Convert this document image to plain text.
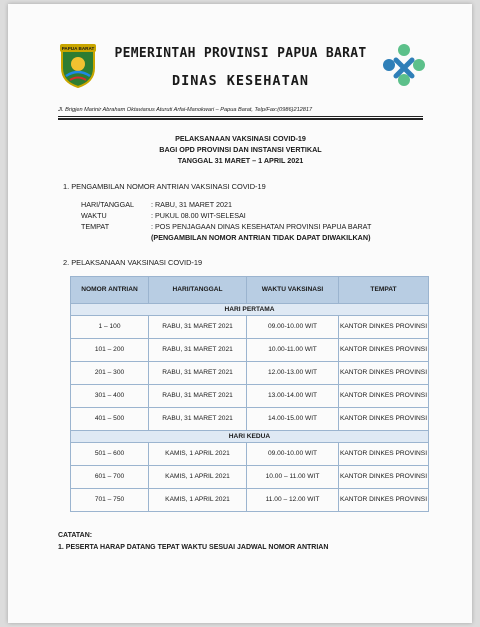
PAPUA BARAT	PEMERINTAH PROVINSI PAPUA BARAT
DINAS KESEHATAN
Jl. Brigjen Marinir Abraham Oktavianus Aturuti Arfai-Manokwari – Papua Barat, Telp/Fax:(0986)212817
PELAKSANAAN VAKSINASI COVID-19
BAGI OPD PROVINSI DAN INSTANSI VERTIKAL
TANGGAL 31 MARET – 1 APRIL 2021
1. PENGAMBILAN NOMOR ANTRIAN VAKSINASI COVID-19
HARI/TANGGAL : RABU, 31 MARET 2021
WAKTU	: PUKUL 08.00 WIT-SELESAI
TEMPAT	: POS PENJAGAAN DINAS KESEHATAN PROVINSI PAPUA BARAT
(PENGAMBILAN NOMOR ANTRIAN TIDAK DAPAT DIWAKILKAN)
2. PELAKSANAAN VAKSINASI COVID-19
NOMOR ANTRIAN	HARI/TANGGAL	WAKTU VAKSINASI	TEMPAT
HARI PERTAMA			
1 – 100	RABU, 31 MARET 2021	09.00-10.00 WIT	KANTOR DINKES PROVINSI
101 – 200	RABU, 31 MARET 2021	10.00-11.00 WIT	KANTOR DINKES PROVINSI
201 – 300	RABU, 31 MARET 2021	12.00-13.00 WIT	KANTOR DINKES PROVINSI
301 – 400	RABU, 31 MARET 2021	13.00-14.00 WIT	KANTOR DINKES PROVINSI
401 – 500	RABU, 31 MARET 2021	14.00-15.00 WIT	KANTOR DINKES PROVINSI
HARI KEDUA			
501 – 600	KAMIS, 1 APRIL 2021	09.00-10.00 WIT	KANTOR DINKES PROVINSI
601 – 700	KAMIS, 1 APRIL 2021	10.00 – 11.00 WIT	KANTOR DINKES PROVINSI
701 – 750	KAMIS, 1 APRIL 2021	11.00 – 12.00 WIT	KANTOR DINKES PROVINSI
CATATAN:
1. PESERTA HARAP DATANG TEPAT WAKTU SESUAI JADWAL NOMOR ANTRIAN
